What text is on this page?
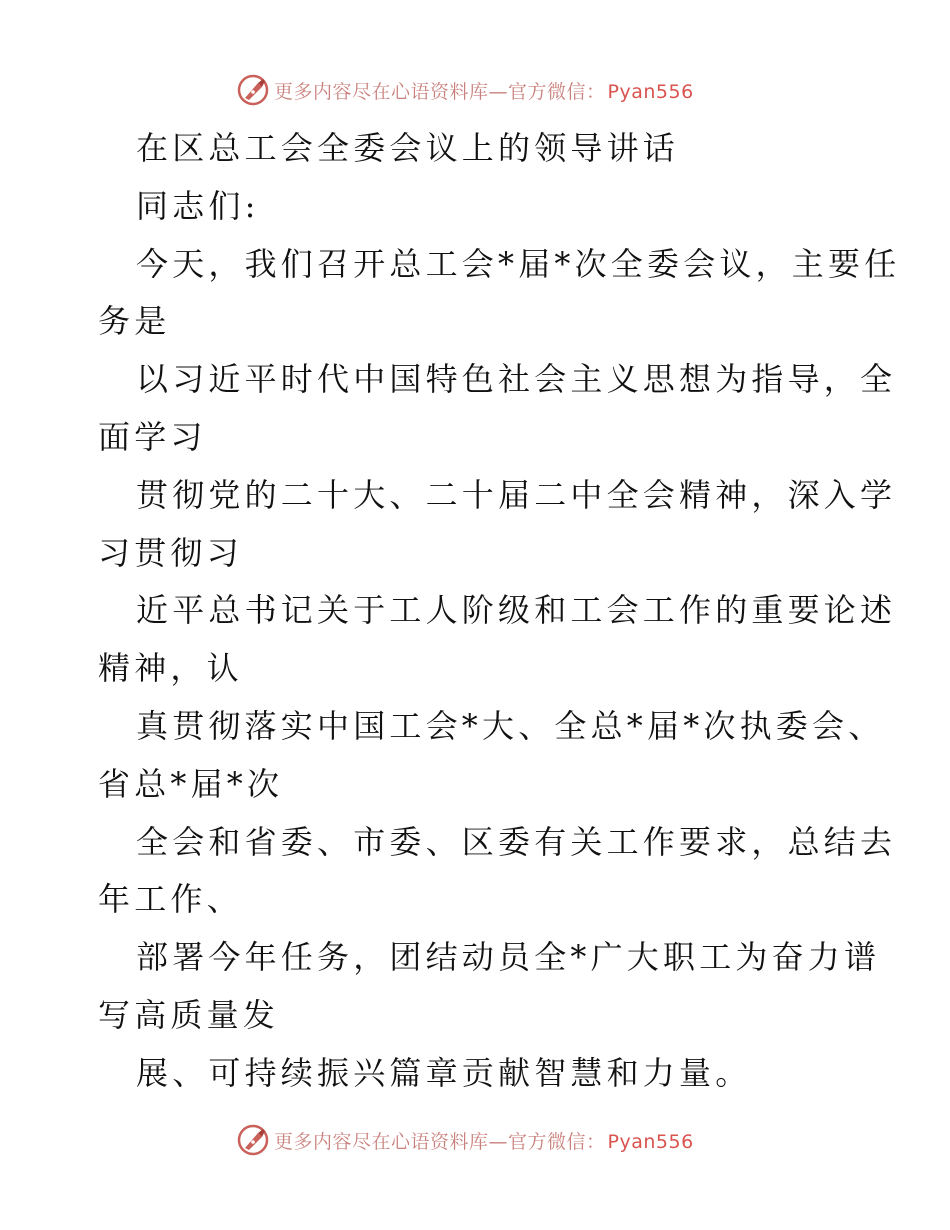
更多内容尽在心语资料库—官方微信： Pyan556
在区总工会全委会议上的领导讲话
同志们:
今天，我们召开总工会*届*次全委会议，主要任
务是
以习近平时代中国特色社会主义思想为指导，全
面学习
贯彻党的二十大、二十届二中全会精神，深入学
习贯彻习
近平总书记关于工人阶级和工会工作的重要论述
精神，认
真贯彻落实中国工会*大、全总*届*次执委会、
省总*届*次
全会和省委、市委、区委有关工作要求，总结去
年工作、
部署今年任务，团结动员全*广大职工为奋力谱
写高质量发
展、可持续振兴篇章贡献智慧和力量。
更多内容尽在心语资料库—官方微信： Pyan556
